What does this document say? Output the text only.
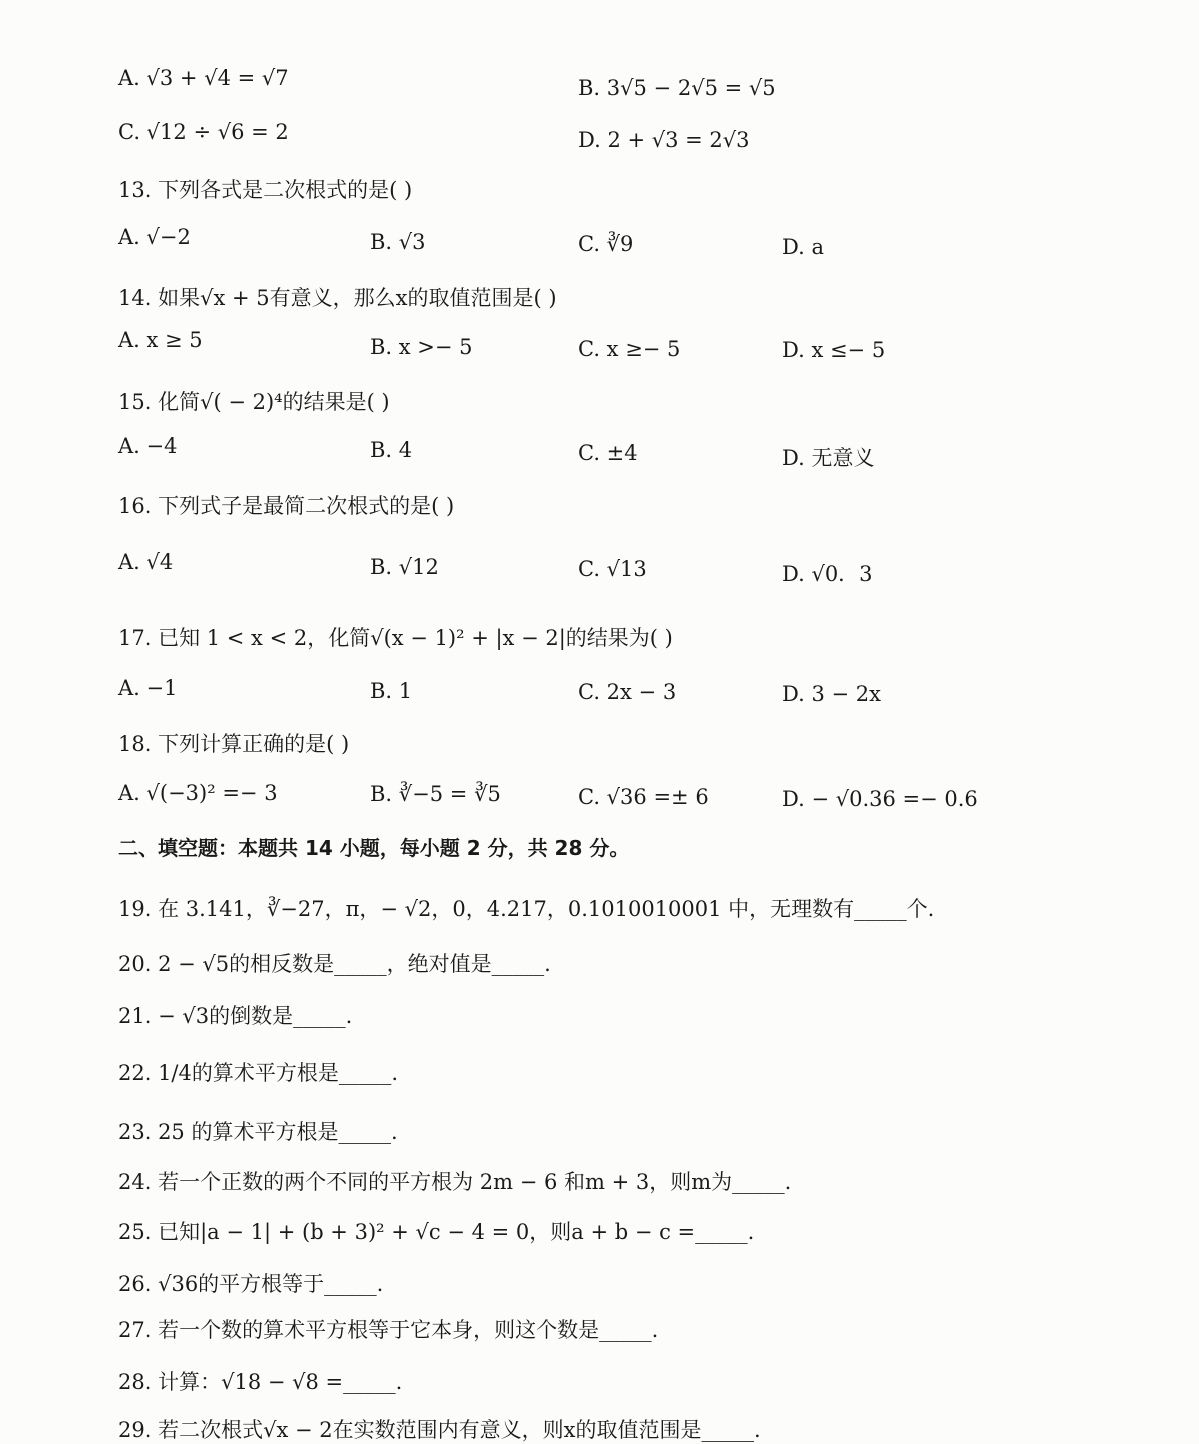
A. √3 + √4 = √7	B. 3√5 − 2√5 = √5
C. √12 ÷ √6 = 2	D. 2 + √3 = 2√3
13. 下列各式是二次根式的是( )
A. √−2	B. √3	C. ∛9	D. a
14. 如果√x + 5有意义，那么x的取值范围是( )
A. x ≥ 5	B. x >− 5	C. x ≥− 5	D. x ≤− 5
15. 化简√( − 2)⁴的结果是( )
A. −4	B. 4	C. ±4	D. 无意义
16. 下列式子是最简二次根式的是( )
A. √4	B. √12	C. √13	D. √0．3
17. 已知 1 < x < 2，化简√(x − 1)² + |x − 2|的结果为( )
A. −1	B. 1	C. 2x − 3	D. 3 − 2x
18. 下列计算正确的是( )
A. √(−3)² =− 3	B. ∛−5 = ∛5	C. √36 =± 6	D. − √0.36 =− 0.6
二、填空题：本题共 14 小题，每小题 2 分，共 28 分。
19. 在 3.141，∛−27，π，− √2，0，4.217，0.1010010001 中，无理数有_____个.
20. 2 − √5的相反数是_____，绝对值是_____.
21. − √3的倒数是_____.
22. 1/4的算术平方根是_____.
23. 25 的算术平方根是_____.
24. 若一个正数的两个不同的平方根为 2m − 6 和m + 3，则m为_____.
25. 已知|a − 1| + (b + 3)² + √c − 4 = 0，则a + b − c =_____.
26. √36的平方根等于_____.
27. 若一个数的算术平方根等于它本身，则这个数是_____.
28. 计算：√18 − √8 =_____.
29. 若二次根式√x − 2在实数范围内有意义，则x的取值范围是_____.
